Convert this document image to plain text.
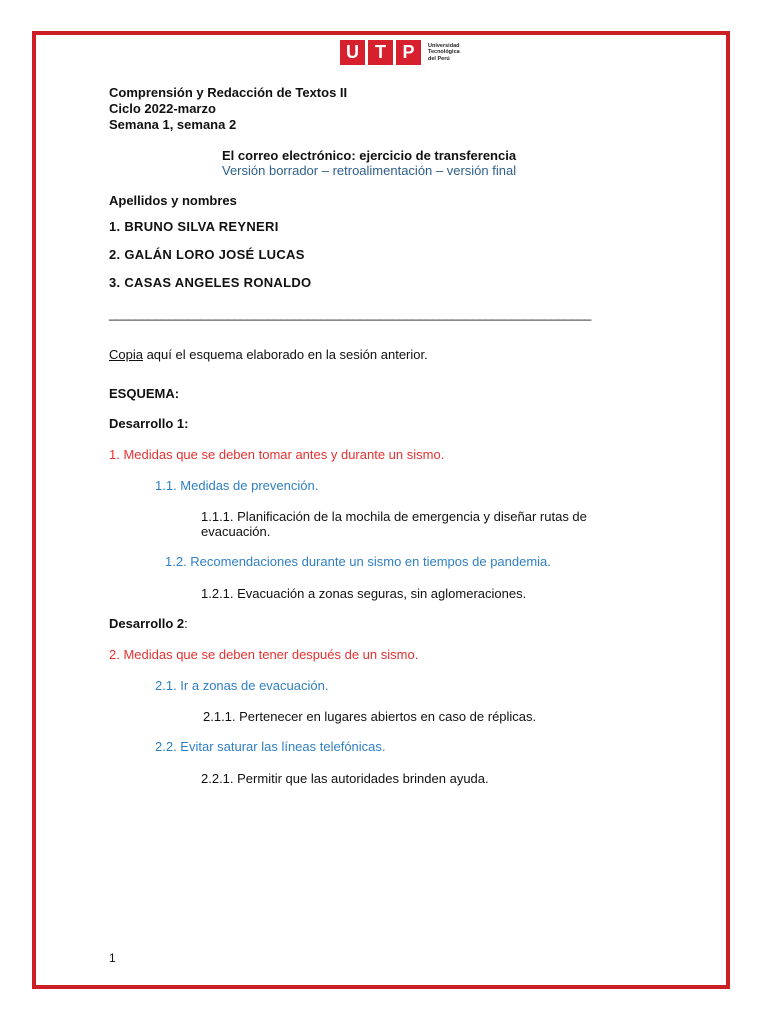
U T P	Universidad
Tecnológica
del Perú
Comprensión y Redacción de Textos II
Ciclo 2022-marzo
Semana 1, semana 2
El correo electrónico: ejercicio de transferencia
Versión borrador – retroalimentación – versión final
Apellidos y nombres
1. BRUNO SILVA REYNERI
2. GALÁN LORO JOSÉ LUCAS
3. CASAS ANGELES RONALDO
_________________________________________________________________________
Copia aquí el esquema elaborado en la sesión anterior.
ESQUEMA:
Desarrollo 1:
1. Medidas que se deben tomar antes y durante un sismo.
1.1. Medidas de prevención.
1.1.1. Planificación de la mochila de emergencia y diseñar rutas de
evacuación.
1.2. Recomendaciones durante un sismo en tiempos de pandemia.
1.2.1. Evacuación a zonas seguras, sin aglomeraciones.
Desarrollo 2:
2. Medidas que se deben tener después de un sismo.
2.1. Ir a zonas de evacuación.
2.1.1. Pertenecer en lugares abiertos en caso de réplicas.
2.2. Evitar saturar las líneas telefónicas.
2.2.1. Permitir que las autoridades brinden ayuda.
1
